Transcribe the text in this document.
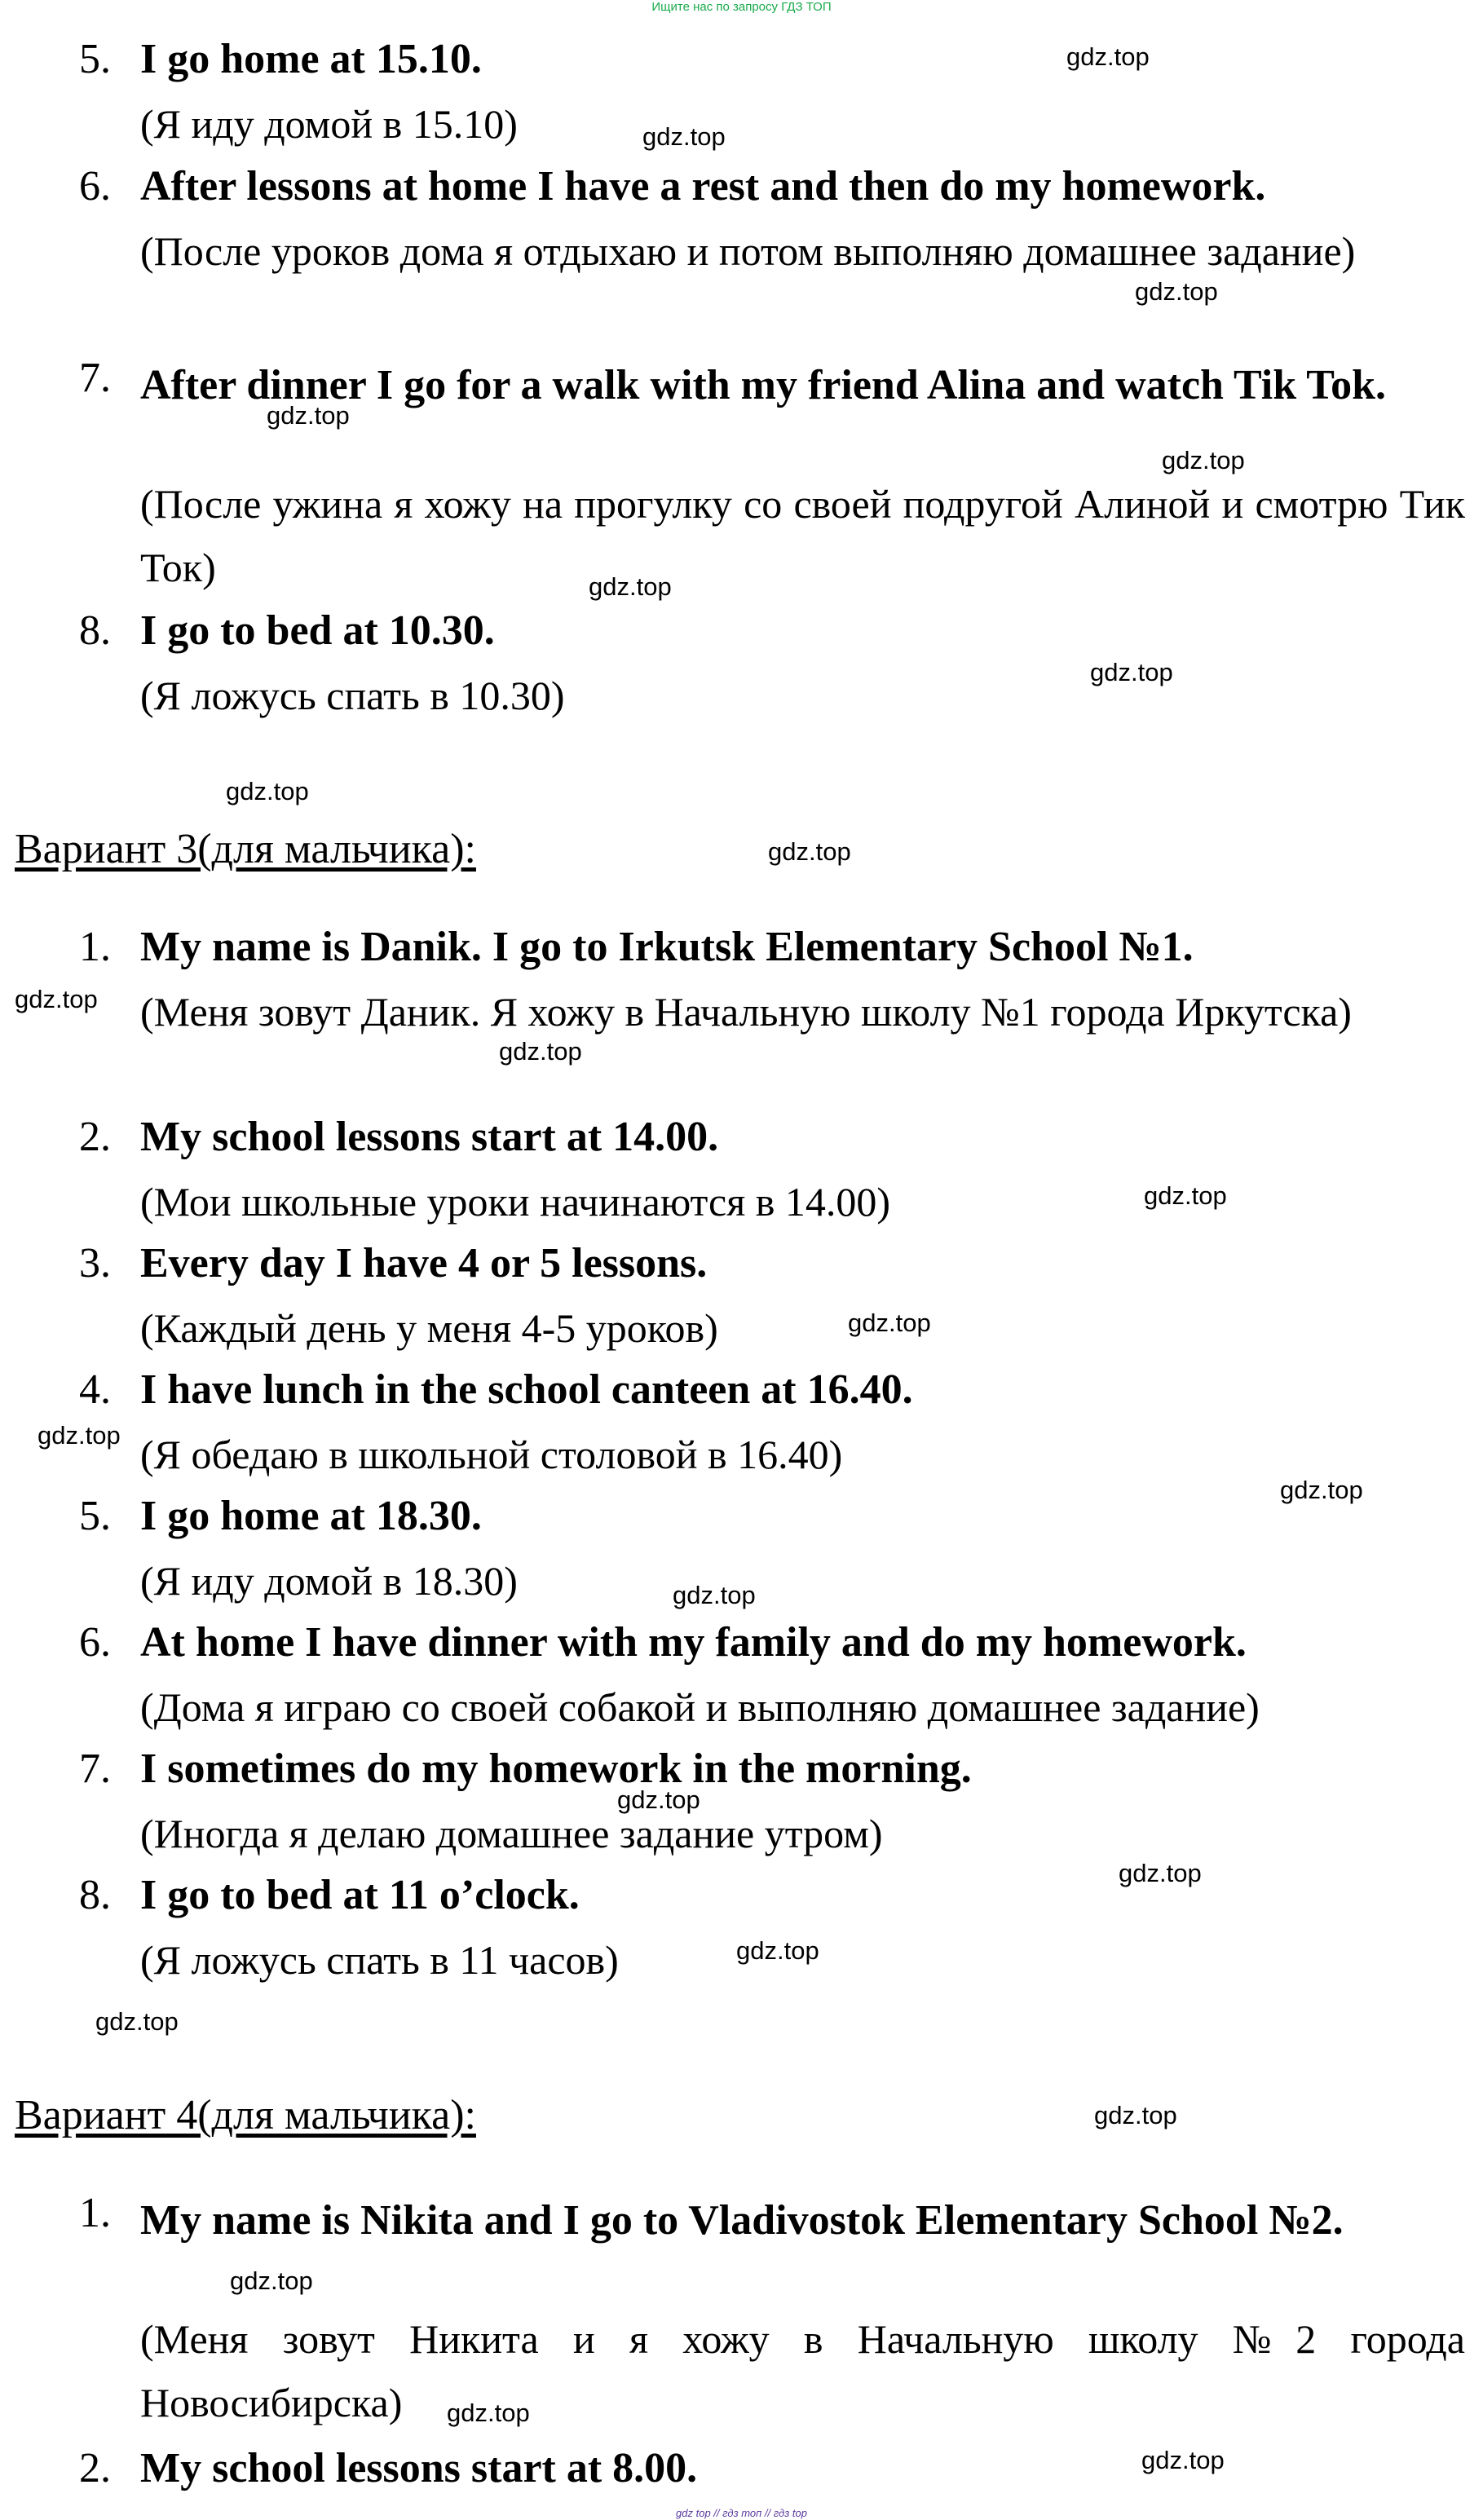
Ищите нас по запросу ГДЗ ТОП
5. I go home at 15.10.
(Я иду домой в 15.10)
6. After lessons at home I have a rest and then do my homework.
(После уроков дома я отдыхаю и потом выполняю домашнее задание)
7. After dinner I go for a walk with my friend Alina and watch Tik Tok.
(После ужина я хожу на прогулку со своей подругой Алиной и смотрю Тик Ток)
8. I go to bed at 10.30.
(Я ложусь спать в 10.30)
Вариант 3(для мальчика):
1. My name is Danik. I go to Irkutsk Elementary School №1.
(Меня зовут Даник. Я хожу в Начальную школу №1 города Иркутска)
2. My school lessons start at 14.00.
(Мои школьные уроки начинаются в 14.00)
3. Every day I have 4 or 5 lessons.
(Каждый день у меня 4-5 уроков)
4. I have lunch in the school canteen at 16.40.
(Я обедаю в школьной столовой в 16.40)
5. I go home at 18.30.
(Я иду домой в 18.30)
6. At home I have dinner with my family and do my homework.
(Дома я играю со своей собакой и выполняю домашнее задание)
7. I sometimes do my homework in the morning.
(Иногда я делаю домашнее задание утром)
8. I go to bed at 11 o’clock.
(Я ложусь спать в 11 часов)
Вариант 4(для мальчика):
1. My name is Nikita and I go to Vladivostok Elementary School №2.
(Меня зовут Никита и я хожу в Начальную школу №2 города Новосибирска)
2. My school lessons start at 8.00.
gdz.top
gdz.top
gdz.top
gdz.top
gdz.top
gdz.top
gdz.top
gdz.top
gdz.top
gdz.top
gdz.top
gdz.top
gdz.top
gdz.top
gdz.top
gdz.top
gdz.top
gdz.top
gdz.top
gdz.top
gdz.top
gdz.top
gdz.top
gdz.top
gdz top // гдз топ // гдз top
